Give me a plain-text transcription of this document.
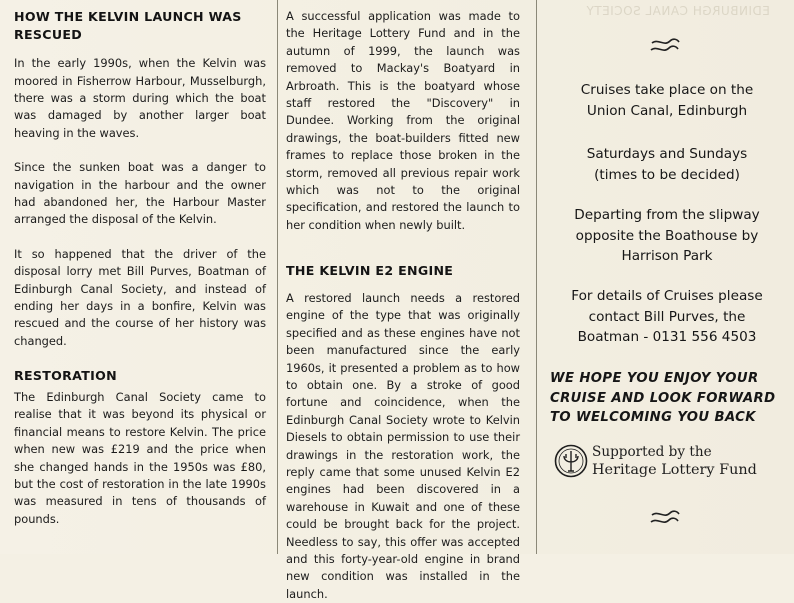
HOW THE KELVIN LAUNCH WAS RESCUED

In the early 1990s, when the Kelvin was moored in Fisherrow Harbour, Musselburgh, there was a storm during which the boat was damaged by another larger boat heaving in the waves.

Since the sunken boat was a danger to navigation in the harbour and the owner had abandoned her, the Harbour Master arranged the disposal of the Kelvin.

It so happened that the driver of the disposal lorry met Bill Purves, Boatman of Edinburgh Canal Society, and instead of ending her days in a bonfire, Kelvin was rescued and the course of her history was changed.

RESTORATION

The Edinburgh Canal Society came to realise that it was beyond its physical or financial means to restore Kelvin. The price when new was £219 and the price when she changed hands in the 1950s was £80, but the cost of restoration in the late 1990s was measured in tens of thousands of pounds.

A successful application was made to the Heritage Lottery Fund and in the autumn of 1999, the launch was removed to Mackay's Boatyard in Arbroath. This is the boatyard whose staff restored the "Discovery" in Dundee. Working from the original drawings, the boat-builders fitted new frames to replace those broken in the storm, removed all previous repair work which was not to the original specification, and restored the launch to her condition when newly built.

THE KELVIN E2 ENGINE

A restored launch needs a restored engine of the type that was originally specified and as these engines have not been manufactured since the early 1960s, it presented a problem as to how to obtain one. By a stroke of good fortune and coincidence, when the Edinburgh Canal Society wrote to Kelvin Diesels to obtain permission to use their drawings in the restoration work, the reply came that some unused Kelvin E2 engines had been discovered in a warehouse in Kuwait and one of these could be brought back for the project. Needless to say, this offer was accepted and this forty-year-old engine in brand new condition was installed in the launch.

EDINBURGH CANAL SOCIETY
Cruises take place on the
Union Canal, Edinburgh
Saturdays and Sundays
(times to be decided)
Departing from the slipway
opposite the Boathouse by
Harrison Park
For details of Cruises please
contact Bill Purves, the
Boatman - 0131 556 4503
WE HOPE YOU ENJOY YOUR
CRUISE AND LOOK FORWARD
TO WELCOMING YOU BACK
Supported by the
Heritage Lottery Fund
